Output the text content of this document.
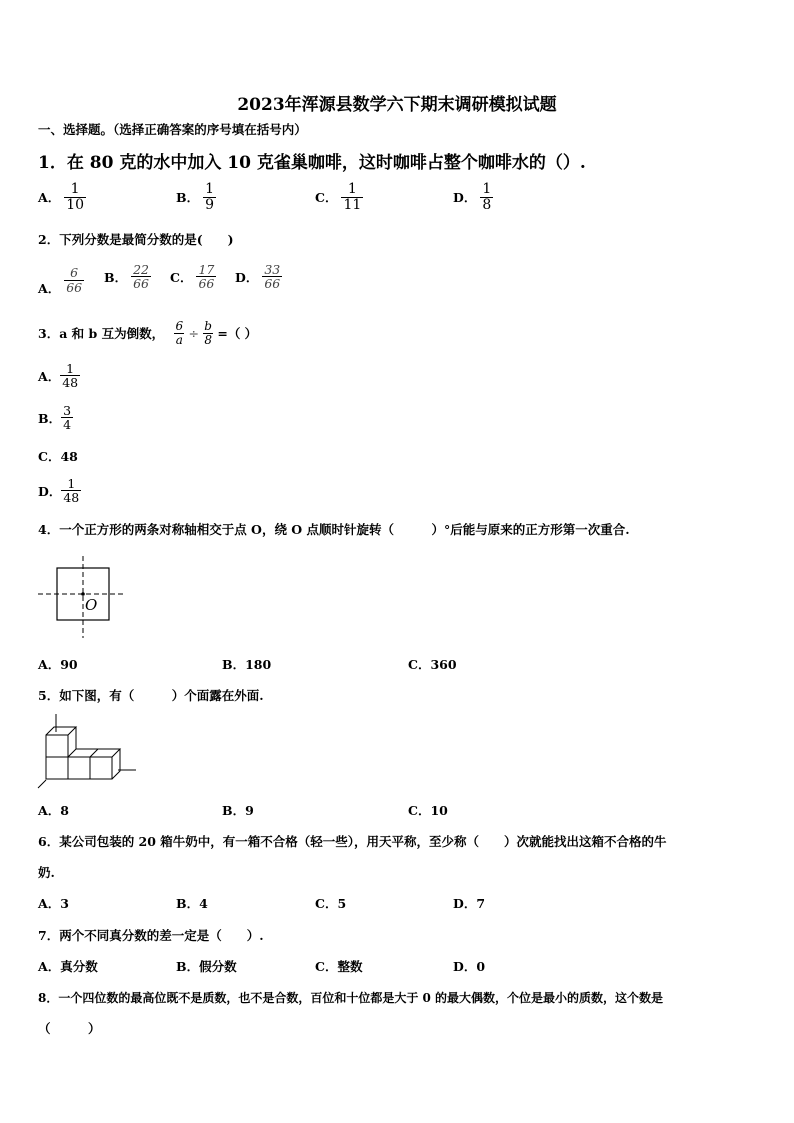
2023年浑源县数学六下期末调研模拟试题
一、选择题。（选择正确答案的序号填在括号内）
1．在 80 克的水中加入 10 克雀巢咖啡，这时咖啡占整个咖啡水的（）.
A． $\frac{1}{10}$	B． $\frac{1}{9}$	C． $\frac{1}{11}$	D． $\frac{1}{8}$
2．下列分数是最简分数的是(　　)
A． $\frac{6}{66}$ B． $\frac{22}{66}$ C． $\frac{17}{66}$ D． $\frac{33}{66}$
3．a 和 b 互为倒数， $\frac{6}{a} \div \frac{b}{8}$ =（ ）
A． $\frac{1}{48}$
B． $\frac{3}{4}$
C．48
D． $\frac{1}{48}$
4．一个正方形的两条对称轴相交于点 O，绕 O 点顺时针旋转（　　　）°后能与原来的正方形第一次重合.
O
A．90	B．180	C．360
5．如下图，有（　　　）个面露在外面.
A．8	B．9	C．10
6．某公司包装的 20 箱牛奶中，有一箱不合格（轻一些），用天平称，至少称（　　）次就能找出这箱不合格的牛
奶.
A．3	B．4	C．5	D．7
7．两个不同真分数的差一定是（　　）.
A．真分数	B．假分数	C．整数	D．0
8．一个四位数的最高位既不是质数，也不是合数，百位和十位都是大于 0 的最大偶数，个位是最小的质数，这个数是
（　　　）
